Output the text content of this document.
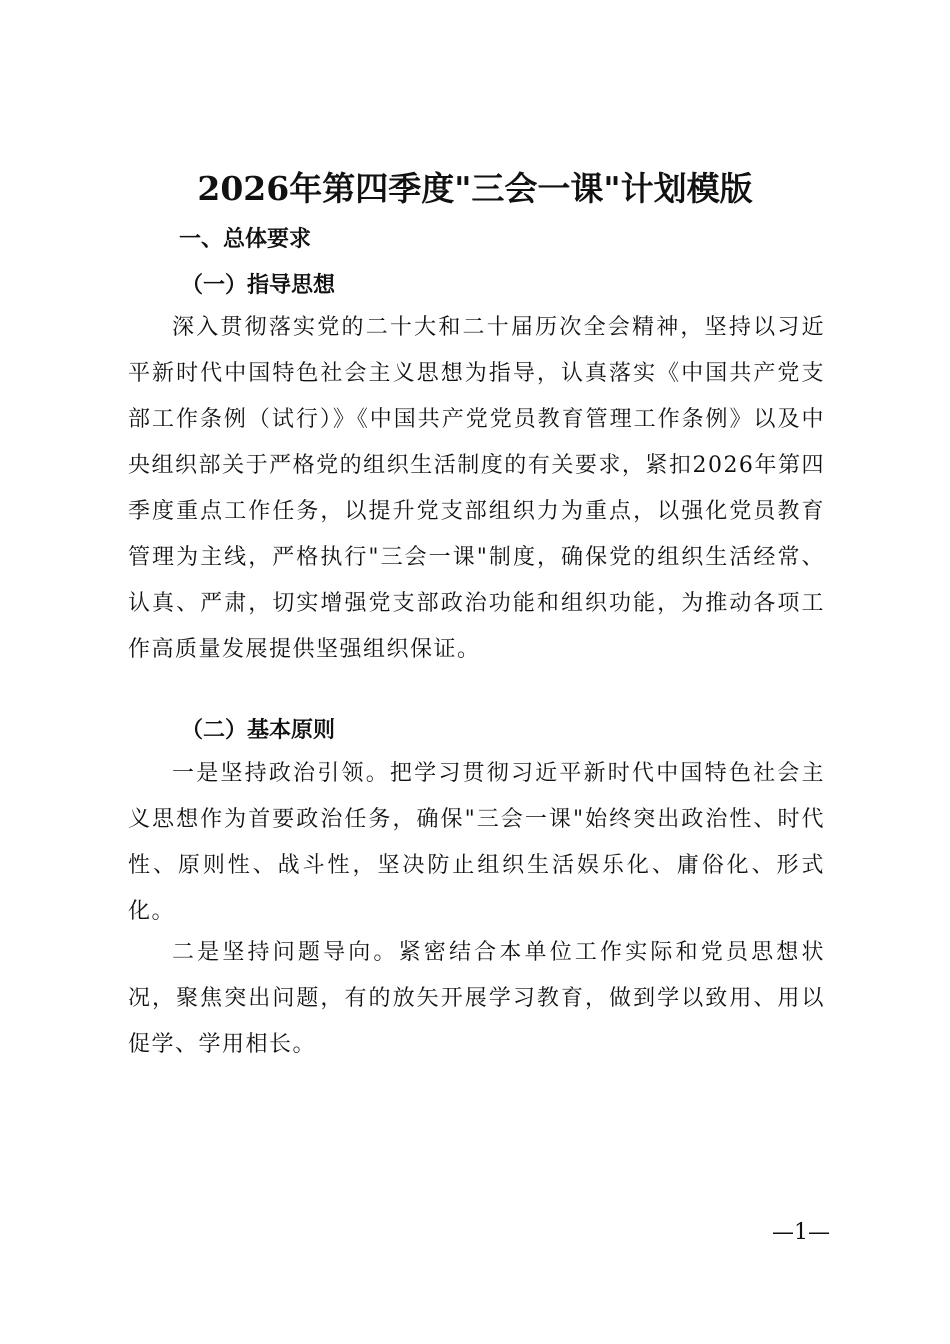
2026年第四季度"三会一课"计划模版
一、总体要求
（一）指导思想

深入贯彻落实党的二十大和二十届历次全会精神，坚持以习近平新时代中国特色社会主义思想为指导，认真落实《中国共产党支部工作条例（试行）》《中国共产党党员教育管理工作条例》以及中央组织部关于严格党的组织生活制度的有关要求，紧扣2026年第四季度重点工作任务，以提升党支部组织力为重点，以强化党员教育管理为主线，严格执行"三会一课"制度，确保党的组织生活经常、认真、严肃，切实增强党支部政治功能和组织功能，为推动各项工作高质量发展提供坚强组织保证。

（二）基本原则

一是坚持政治引领。把学习贯彻习近平新时代中国特色社会主义思想作为首要政治任务，确保"三会一课"始终突出政治性、时代性、原则性、战斗性，坚决防止组织生活娱乐化、庸俗化、形式化。

二是坚持问题导向。紧密结合本单位工作实际和党员思想状况，聚焦突出问题，有的放矢开展学习教育，做到学以致用、用以促学、学用相长。

—1—
